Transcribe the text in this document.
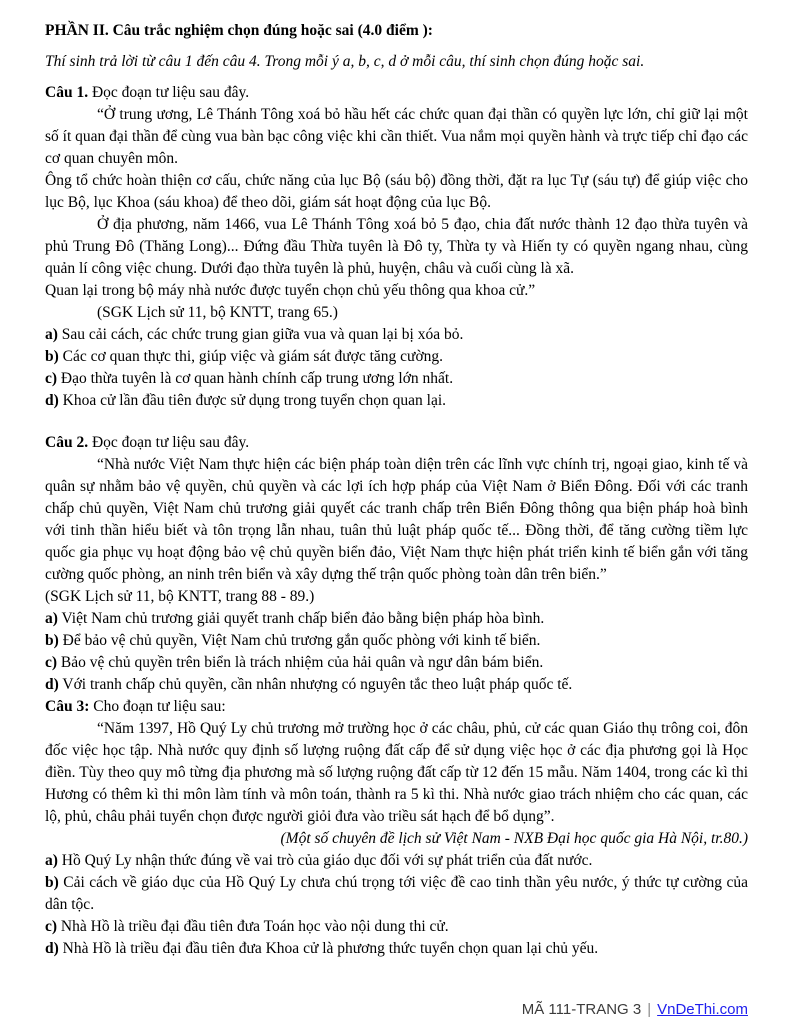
PHẦN II. Câu trắc nghiệm chọn đúng hoặc sai (4.0 điểm ):

Thí sinh trả lời từ câu 1 đến câu 4. Trong mỗi ý a, b, c, d ở mỗi câu, thí sinh chọn đúng hoặc sai.

Câu 1. Đọc đoạn tư liệu sau đây.

“Ở trung ương, Lê Thánh Tông xoá bỏ hầu hết các chức quan đại thần có quyền lực lớn, chỉ giữ lại một số ít quan đại thần để cùng vua bàn bạc công việc khi cần thiết. Vua nắm mọi quyền hành và trực tiếp chỉ đạo các cơ quan chuyên môn.

Ông tổ chức hoàn thiện cơ cấu, chức năng của lục Bộ (sáu bộ) đồng thời, đặt ra lục Tự (sáu tự) để giúp việc cho lục Bộ, lục Khoa (sáu khoa) để theo dõi, giám sát hoạt động của lục Bộ.

Ở địa phương, năm 1466, vua Lê Thánh Tông xoá bỏ 5 đạo, chia đất nước thành 12 đạo thừa tuyên và phủ Trung Đô (Thăng Long)... Đứng đầu Thừa tuyên là Đô ty, Thừa ty và Hiến ty có quyền ngang nhau, cùng quản lí công việc chung. Dưới đạo thừa tuyên là phủ, huyện, châu và cuối cùng là xã.

Quan lại trong bộ máy nhà nước được tuyển chọn chủ yếu thông qua khoa cử.”

(SGK Lịch sử 11, bộ KNTT, trang 65.)

a) Sau cải cách, các chức trung gian giữa vua và quan lại bị xóa bỏ.

b) Các cơ quan thực thi, giúp việc và giám sát được tăng cường.

c) Đạo thừa tuyên là cơ quan hành chính cấp trung ương lớn nhất.

d) Khoa cử lần đầu tiên được sử dụng trong tuyển chọn quan lại.

Câu 2. Đọc đoạn tư liệu sau đây.

“Nhà nước Việt Nam thực hiện các biện pháp toàn diện trên các lĩnh vực chính trị, ngoại giao, kinh tế và quân sự nhằm bảo vệ quyền, chủ quyền và các lợi ích hợp pháp của Việt Nam ở Biển Đông. Đối với các tranh chấp chủ quyền, Việt Nam chủ trương giải quyết các tranh chấp trên Biển Đông thông qua biện pháp hoà bình với tinh thần hiểu biết và tôn trọng lẫn nhau, tuân thủ luật pháp quốc tế... Đồng thời, để tăng cường tiềm lực quốc gia phục vụ hoạt động bảo vệ chủ quyền biển đảo, Việt Nam thực hiện phát triển kinh tế biển gắn với tăng cường quốc phòng, an ninh trên biển và xây dựng thế trận quốc phòng toàn dân trên biển.”

(SGK Lịch sử 11, bộ KNTT, trang 88 - 89.)

a) Việt Nam chủ trương giải quyết tranh chấp biển đảo bằng biện pháp hòa bình.

b) Để bảo vệ chủ quyền, Việt Nam chủ trương gắn quốc phòng với kinh tế biển.

c) Bảo vệ chủ quyền trên biển là trách nhiệm của hải quân và ngư dân bám biển.

d) Với tranh chấp chủ quyền, cần nhân nhượng có nguyên tắc theo luật pháp quốc tế.

Câu 3: Cho đoạn tư liệu sau:

“Năm 1397, Hồ Quý Ly chủ trương mở trường học ở các châu, phủ, cử các quan Giáo thụ trông coi, đôn đốc việc học tập. Nhà nước quy định số lượng ruộng đất cấp để sử dụng việc học ở các địa phương gọi là Học điền. Tùy theo quy mô từng địa phương mà số lượng ruộng đất cấp từ 12 đến 15 mẫu. Năm 1404, trong các kì thi Hương có thêm kì thi môn làm tính và môn toán, thành ra 5 kì thi. Nhà nước giao trách nhiệm cho các quan, các lộ, phủ, châu phải tuyển chọn được người giỏi đưa vào triều sát hạch để bổ dụng”.

(Một số chuyên đề lịch sử Việt Nam - NXB Đại học quốc gia Hà Nội, tr.80.)

a) Hồ Quý Ly nhận thức đúng về vai trò của giáo dục đối với sự phát triển của đất nước.

b) Cải cách về giáo dục của Hồ Quý Ly chưa chú trọng tới việc đề cao tinh thần yêu nước, ý thức tự cường của dân tộc.

c) Nhà Hồ là triều đại đầu tiên đưa Toán học vào nội dung thi cử.

d) Nhà Hồ là triều đại đầu tiên đưa Khoa cử là phương thức tuyển chọn quan lại chủ yếu.

MÃ 111-TRANG 3 | VnDeThi.com
